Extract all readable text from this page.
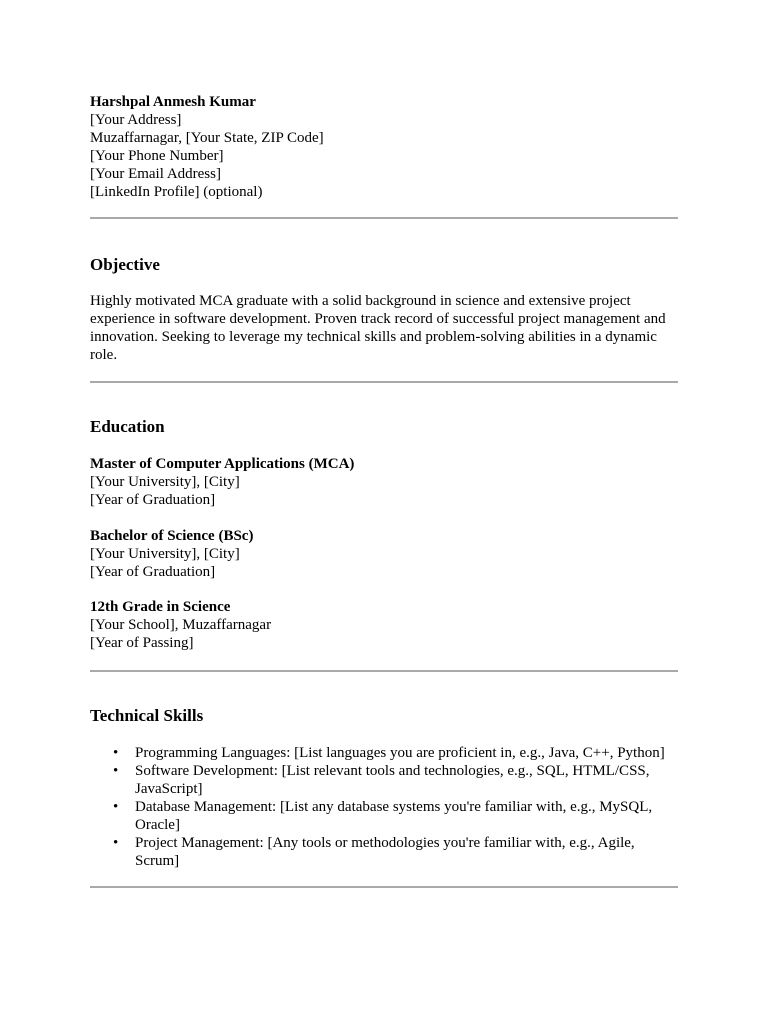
Harshpal Anmesh Kumar
[Your Address]
Muzaffarnagar, [Your State, ZIP Code]
[Your Phone Number]
[Your Email Address]
[LinkedIn Profile] (optional)
Objective

Highly motivated MCA graduate with a solid background in science and extensive project experience in software development. Proven track record of successful project management and innovation. Seeking to leverage my technical skills and problem-solving abilities in a dynamic role.

Education
Master of Computer Applications (MCA)
[Your University], [City]
[Year of Graduation]
Bachelor of Science (BSc)
[Your University], [City]
[Year of Graduation]
12th Grade in Science
[Your School], Muzaffarnagar
[Year of Passing]
Technical Skills
• Programming Languages: [List languages you are proficient in, e.g., Java, C++, Python]
• Software Development: [List relevant tools and technologies, e.g., SQL, HTML/CSS, JavaScript]
• Database Management: [List any database systems you're familiar with, e.g., MySQL, Oracle]
• Project Management: [Any tools or methodologies you're familiar with, e.g., Agile, Scrum]
